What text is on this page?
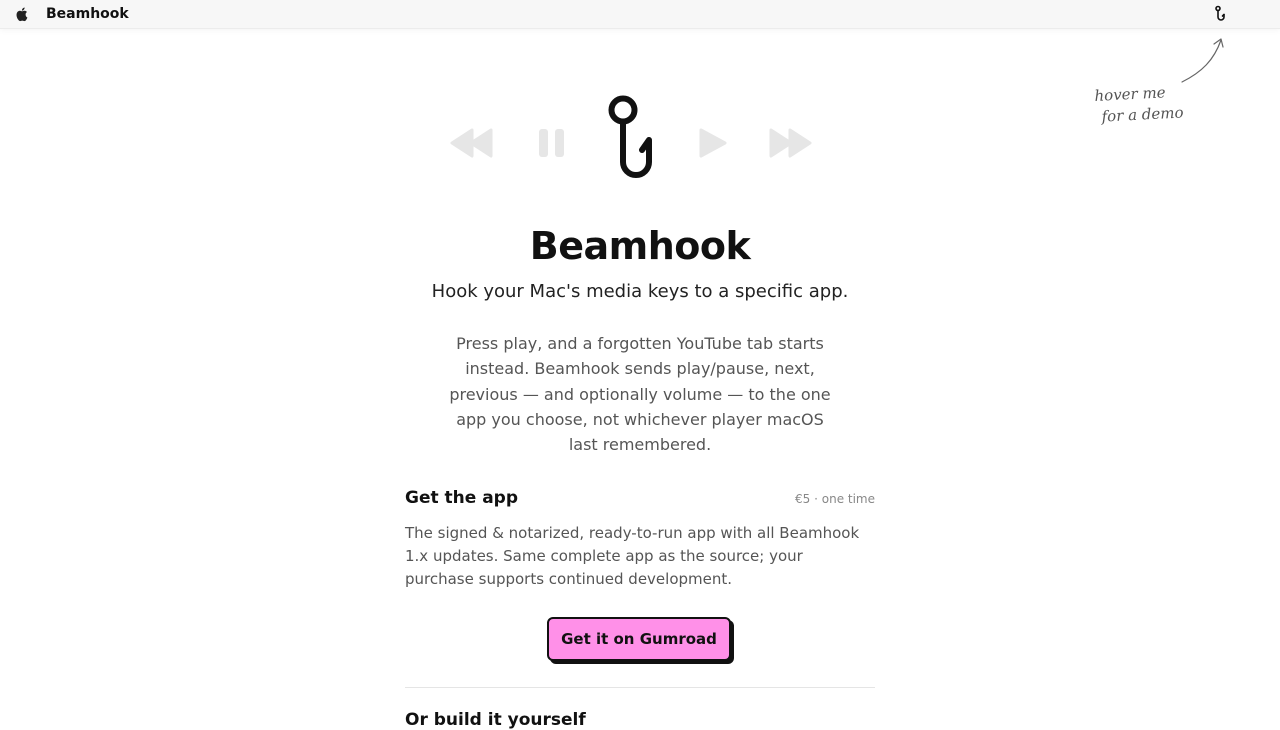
Beamhook
hover me
for a demo
Beamhook
Hook your Mac's media keys to a specific app.
Press play, and a forgotten YouTube tab starts instead. Beamhook sends play/pause, next, previous — and optionally volume — to the one app you choose, not whichever player macOS last remembered.
Get the app	€5 · one time
The signed & notarized, ready-to-run app with all Beamhook 1.x updates. Same complete app as the source; your purchase supports continued development.
Get it on Gumroad
Or build it yourself
